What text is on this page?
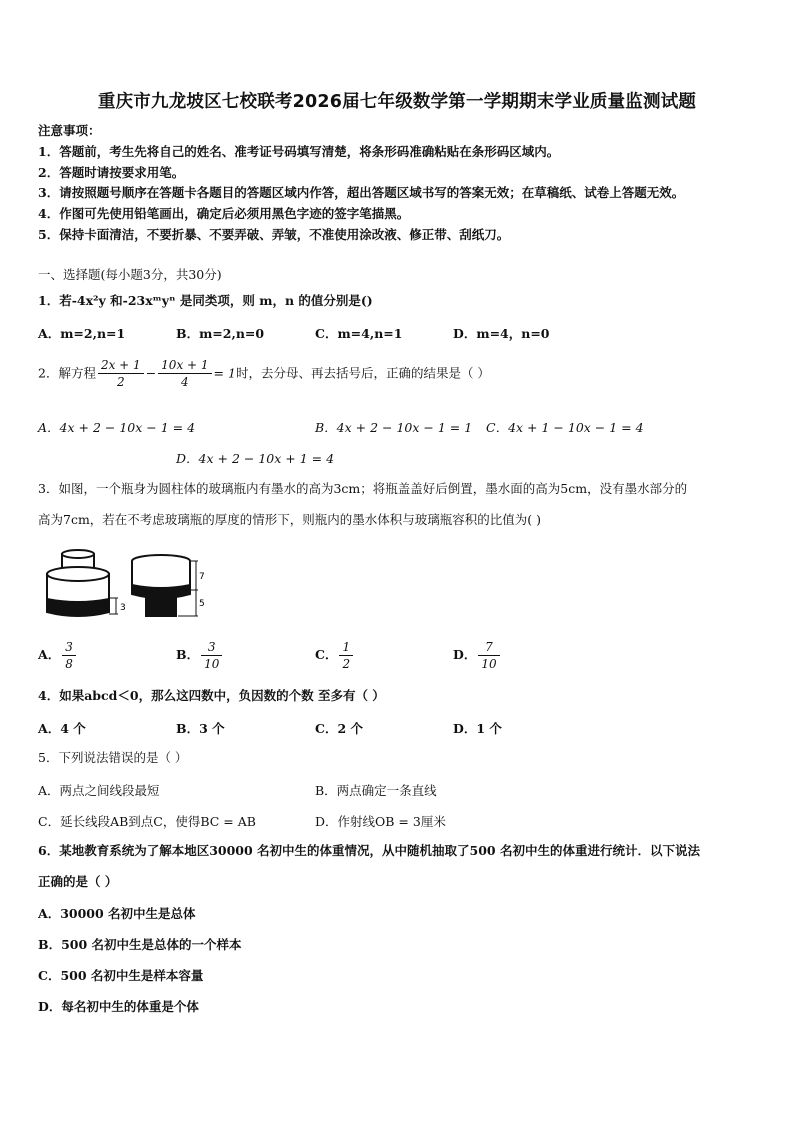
重庆市九龙坡区七校联考2026届七年级数学第一学期期末学业质量监测试题
注意事项：
1．答题前，考生先将自己的姓名、准考证号码填写清楚，将条形码准确粘贴在条形码区域内。
2．答题时请按要求用笔。
3．请按照题号顺序在答题卡各题目的答题区域内作答，超出答题区域书写的答案无效；在草稿纸、试卷上答题无效。
4．作图可先使用铅笔画出，确定后必须用黑色字迹的签字笔描黑。
5．保持卡面清洁，不要折暴、不要弄破、弄皱，不准使用涂改液、修正带、刮纸刀。
一、选择题(每小题3分，共30分)
1．若-4x²y 和-23xᵐyⁿ 是同类项，则 m，n 的值分别是()
A．m=2,n=1	B．m=2,n=0	C．m=4,n=1	D．m=4，n=0
2．解方程 $\frac{2x + 1}{2} - \frac{10x + 1}{4} = 1$时，去分母、再去括号后，正确的结果是（ ）
A．4x + 2 − 10x − 1 = 4	B．4x + 2 − 10x − 1 = 1 C．4x + 1 − 10x − 1 = 4
D．4x + 2 − 10x + 1 = 4
3．如图，一个瓶身为圆柱体的玻璃瓶内有墨水的高为3cm；将瓶盖盖好后倒置，墨水面的高为5cm，没有墨水部分的
高为7cm，若在不考虑玻璃瓶的厚度的情形下，则瓶内的墨水体积与玻璃瓶容积的比值为( )
3
7
5
A． $\frac{3}{8}$	B． $\frac{3}{10}$	C． $\frac{1}{2}$	D． $\frac{7}{10}$
4．如果abcd＜0，那么这四数中，负因数的个数 至多有（ ）
A．4 个	B．3 个	C．2 个	D．1 个
5．下列说法错误的是（ ）
A．两点之间线段最短	B．两点确定一条直线
C．延长线段AB到点C，使得BC = AB	D．作射线OB = 3厘米
6．某地教育系统为了解本地区30000 名初中生的体重情况，从中随机抽取了500 名初中生的体重进行统计．以下说法
正确的是（ ）
A．30000 名初中生是总体
B．500 名初中生是总体的一个样本
C．500 名初中生是样本容量
D．每名初中生的体重是个体
